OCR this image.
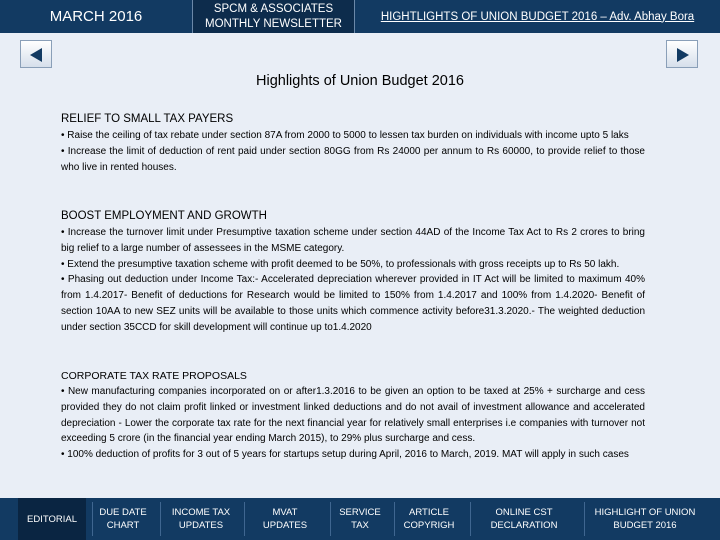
MARCH 2016	SPCM & ASSOCIATES
MONTHLY NEWSLETTER
HIGHTLIGHTS OF UNION BUDGET 2016 – Adv. Abhay Bora
Highlights of Union Budget 2016
RELIEF TO SMALL TAX PAYERS
• Raise the ceiling of tax rebate under section 87A from 2000 to 5000 to lessen tax burden on individuals with income upto 5 laks
• Increase the limit of deduction of rent paid under section 80GG from Rs 24000 per annum to Rs 60000, to provide relief to those who live in rented houses.
BOOST EMPLOYMENT AND GROWTH
• Increase the turnover limit under Presumptive taxation scheme under section 44AD of the Income Tax Act to Rs 2 crores to bring big relief to a large number of assessees in the MSME category.
• Extend the presumptive taxation scheme with profit deemed to be 50%, to professionals with gross receipts up to Rs 50 lakh.
• Phasing out deduction under Income Tax:- Accelerated depreciation wherever provided in IT Act will be limited to maximum 40% from 1.4.2017- Benefit of deductions for Research would be limited to 150% from 1.4.2017 and 100% from 1.4.2020- Benefit of section 10AA to new SEZ units will be available to those units which commence activity before31.3.2020.- The weighted deduction under section 35CCD for skill development will continue up to1.4.2020
CORPORATE TAX RATE PROPOSALS
• New manufacturing companies incorporated on or after1.3.2016 to be given an option to be taxed at 25% + surcharge and cess provided they do not claim profit linked or investment linked deductions and do not avail of investment allowance and accelerated depreciation - Lower the corporate tax rate for the next financial year for relatively small enterprises i.e companies with turnover not exceeding 5 crore (in the financial year ending March 2015), to 29% plus surcharge and cess.
• 100% deduction of profits for 3 out of 5 years for startups setup during April, 2016 to March, 2019. MAT will apply in such cases
EDITORIAL
DUE DATE
CHART
INCOME TAX
UPDATES
MVAT
UPDATES
SERVICE
TAX
ARTICLE
COPYRIGH
ONLINE CST
DECLARATION
HIGHLIGHT OF UNION
BUDGET 2016
